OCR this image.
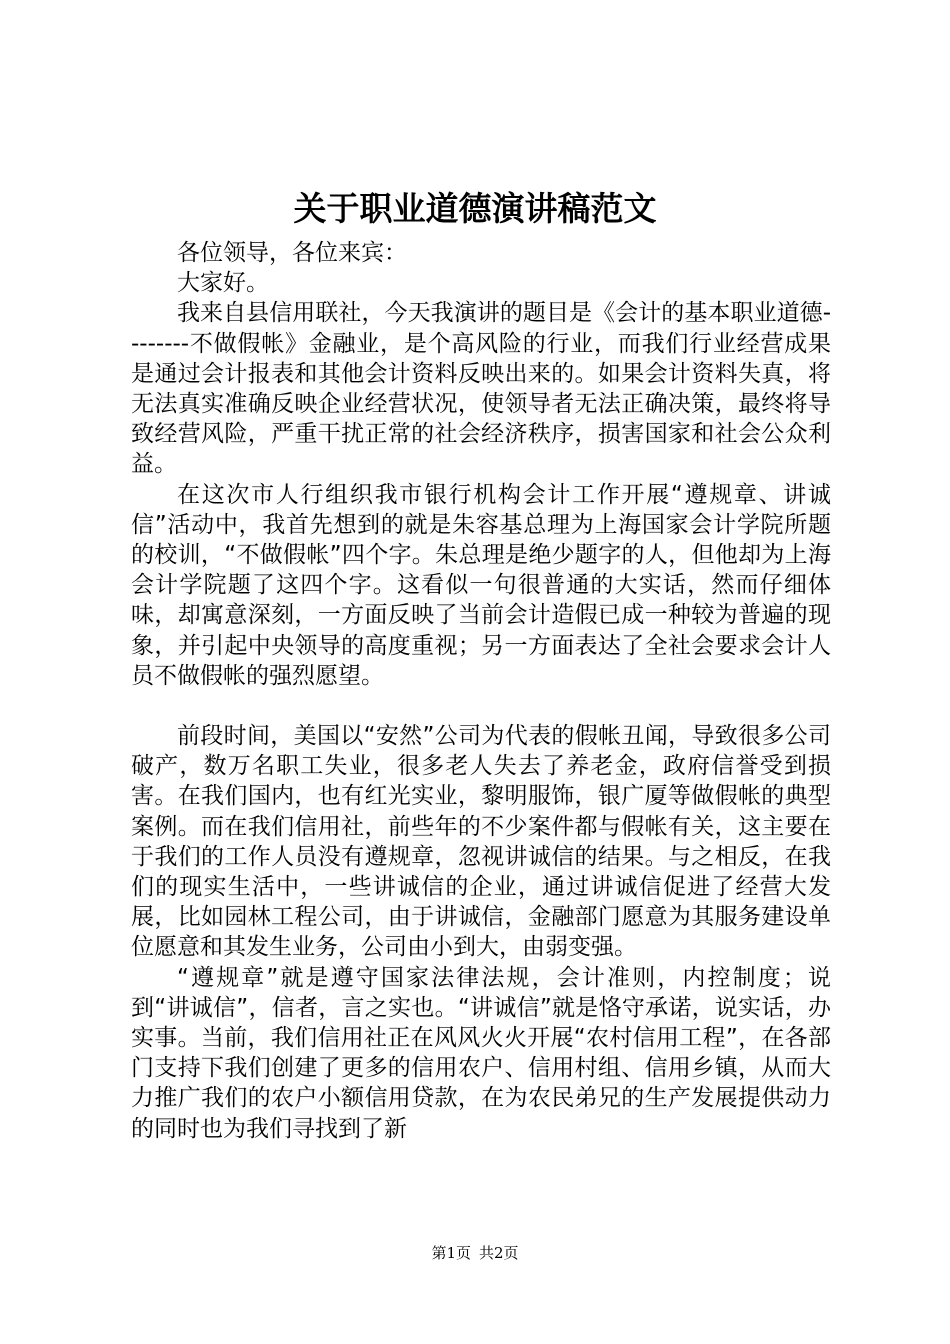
关于职业道德演讲稿范文

各位领导，各位来宾：

大家好。

我来自县信用联社，今天我演讲的题目是《会计的基本职业道德--------不做假帐》金融业，是个高风险的行业，而我们行业经营成果是通过会计报表和其他会计资料反映出来的。如果会计资料失真，将无法真实准确反映企业经营状况，使领导者无法正确决策，最终将导致经营风险，严重干扰正常的社会经济秩序，损害国家和社会公众利益。

在这次市人行组织我市银行机构会计工作开展“遵规章、讲诚信”活动中，我首先想到的就是朱容基总理为上海国家会计学院所题的校训，“不做假帐”四个字。朱总理是绝少题字的人，但他却为上海会计学院题了这四个字。这看似一句很普通的大实话，然而仔细体味，却寓意深刻，一方面反映了当前会计造假已成一种较为普遍的现象，并引起中央领导的高度重视；另一方面表达了全社会要求会计人员不做假帐的强烈愿望。

前段时间，美国以“安然”公司为代表的假帐丑闻，导致很多公司破产，数万名职工失业，很多老人失去了养老金，政府信誉受到损害。在我们国内，也有红光实业，黎明服饰，银广厦等做假帐的典型案例。而在我们信用社，前些年的不少案件都与假帐有关，这主要在于我们的工作人员没有遵规章，忽视讲诚信的结果。与之相反，在我们的现实生活中，一些讲诚信的企业，通过讲诚信促进了经营大发展，比如园林工程公司，由于讲诚信，金融部门愿意为其服务建设单位愿意和其发生业务，公司由小到大，由弱变强。

“遵规章”就是遵守国家法律法规，会计准则，内控制度；说到“讲诚信”，信者，言之实也。“讲诚信”就是恪守承诺，说实话，办实事。当前，我们信用社正在风风火火开展“农村信用工程”，在各部门支持下我们创建了更多的信用农户、信用村组、信用乡镇，从而大力推广我们的农户小额信用贷款，在为农民弟兄的生产发展提供动力的同时也为我们寻找到了新

第1页 共2页
